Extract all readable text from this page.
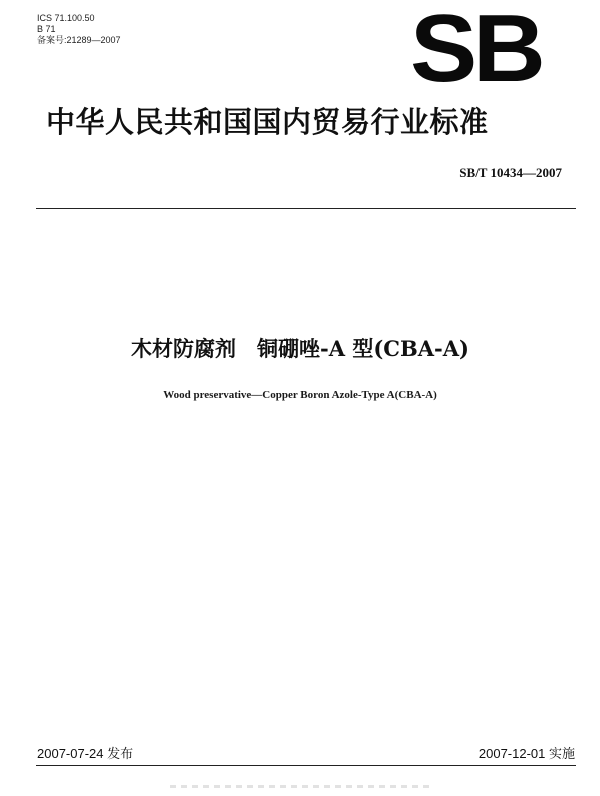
ICS 71.100.50
B 71
备案号:21289—2007	SB
中华人民共和国国内贸易行业标准
SB/T 10434—2007
木材防腐剂　铜硼唑-A 型(CBA-A)
Wood preservative—Copper Boron Azole-Type A(CBA-A)
2007-07-24 发布	2007-12-01 实施
